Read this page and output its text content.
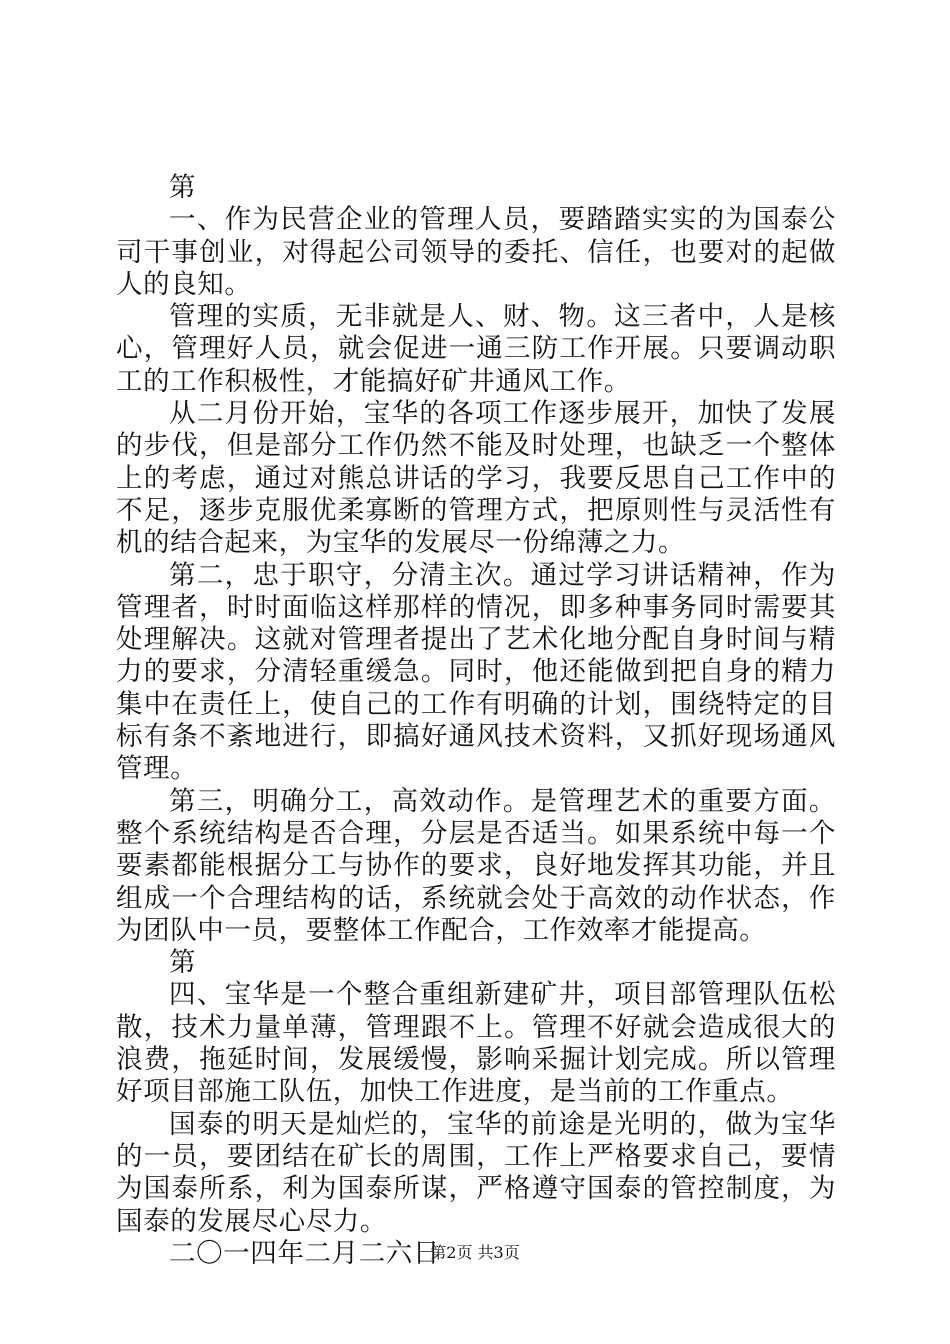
第

一、作为民营企业的管理人员，要踏踏实实的为国泰公司干事创业，对得起公司领导的委托、信任，也要对的起做人的良知。

管理的实质，无非就是人、财、物。这三者中，人是核心，管理好人员，就会促进一通三防工作开展。只要调动职工的工作积极性，才能搞好矿井通风工作。

从二月份开始，宝华的各项工作逐步展开，加快了发展的步伐，但是部分工作仍然不能及时处理，也缺乏一个整体上的考虑，通过对熊总讲话的学习，我要反思自己工作中的不足，逐步克服优柔寡断的管理方式，把原则性与灵活性有机的结合起来，为宝华的发展尽一份绵薄之力。

第二，忠于职守，分清主次。通过学习讲话精神，作为管理者，时时面临这样那样的情况，即多种事务同时需要其处理解决。这就对管理者提出了艺术化地分配自身时间与精力的要求，分清轻重缓急。同时，他还能做到把自身的精力集中在责任上，使自己的工作有明确的计划，围绕特定的目标有条不紊地进行，即搞好通风技术资料，又抓好现场通风管理。

第三，明确分工，高效动作。是管理艺术的重要方面。整个系统结构是否合理，分层是否适当。如果系统中每一个要素都能根据分工与协作的要求，良好地发挥其功能，并且组成一个合理结构的话，系统就会处于高效的动作状态，作为团队中一员，要整体工作配合，工作效率才能提高。

第

四、宝华是一个整合重组新建矿井，项目部管理队伍松散，技术力量单薄，管理跟不上。管理不好就会造成很大的浪费，拖延时间，发展缓慢，影响采掘计划完成。所以管理好项目部施工队伍，加快工作进度，是当前的工作重点。

国泰的明天是灿烂的，宝华的前途是光明的，做为宝华的一员，要团结在矿长的周围，工作上严格要求自己，要情为国泰所系，利为国泰所谋，严格遵守国泰的管控制度，为国泰的发展尽心尽力。

二〇一四年二月二六日

第2页 共3页
